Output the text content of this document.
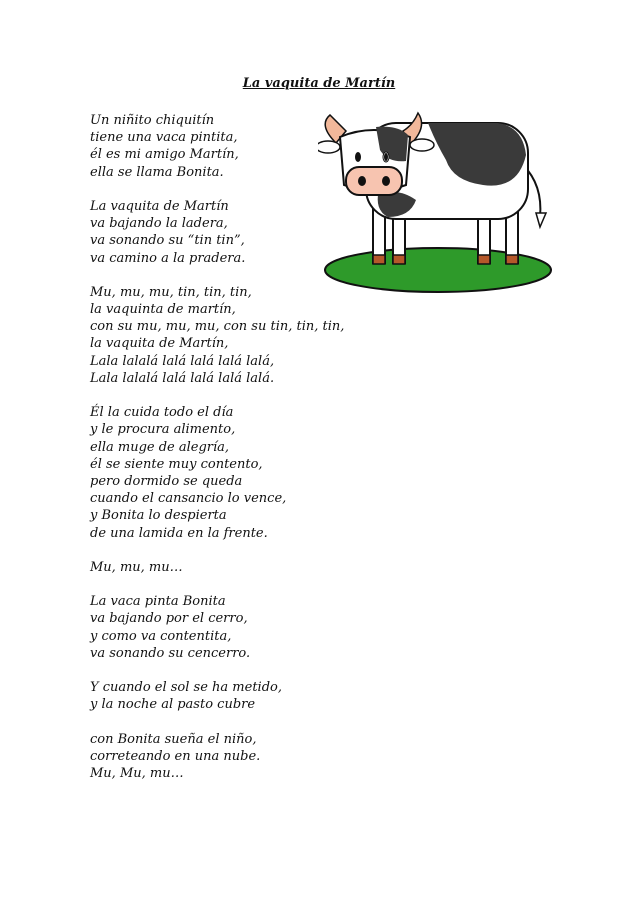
La vaquita de Martín
Un niñito chiquitín
tiene una vaca pintita,
él es mi amigo Martín,
ella se llama Bonita.
La vaquita de Martín
va bajando la ladera,
va sonando su “tin tin”,
va camino a la pradera.
Mu, mu, mu, tin, tin, tin,
la vaquinta de martín,
con su mu, mu, mu, con su tin, tin, tin,
la vaquita de Martín,
Lala lalalá lalá lalá lalá lalá,
Lala lalalá lalá lalá lalá lalá.
Él la cuida todo el día
y le procura alimento,
ella muge de alegría,
él se siente muy contento,
pero dormido se queda
cuando el cansancio lo vence,
y Bonita lo despierta
de una lamida en la frente.
Mu, mu, mu…
La vaca pinta Bonita
va bajando por el cerro,
y como va contentita,
va sonando su cencerro.
Y cuando el sol se ha metido,
y la noche al pasto cubre
con Bonita sueña el niño,
correteando en una nube.
Mu, Mu, mu…
